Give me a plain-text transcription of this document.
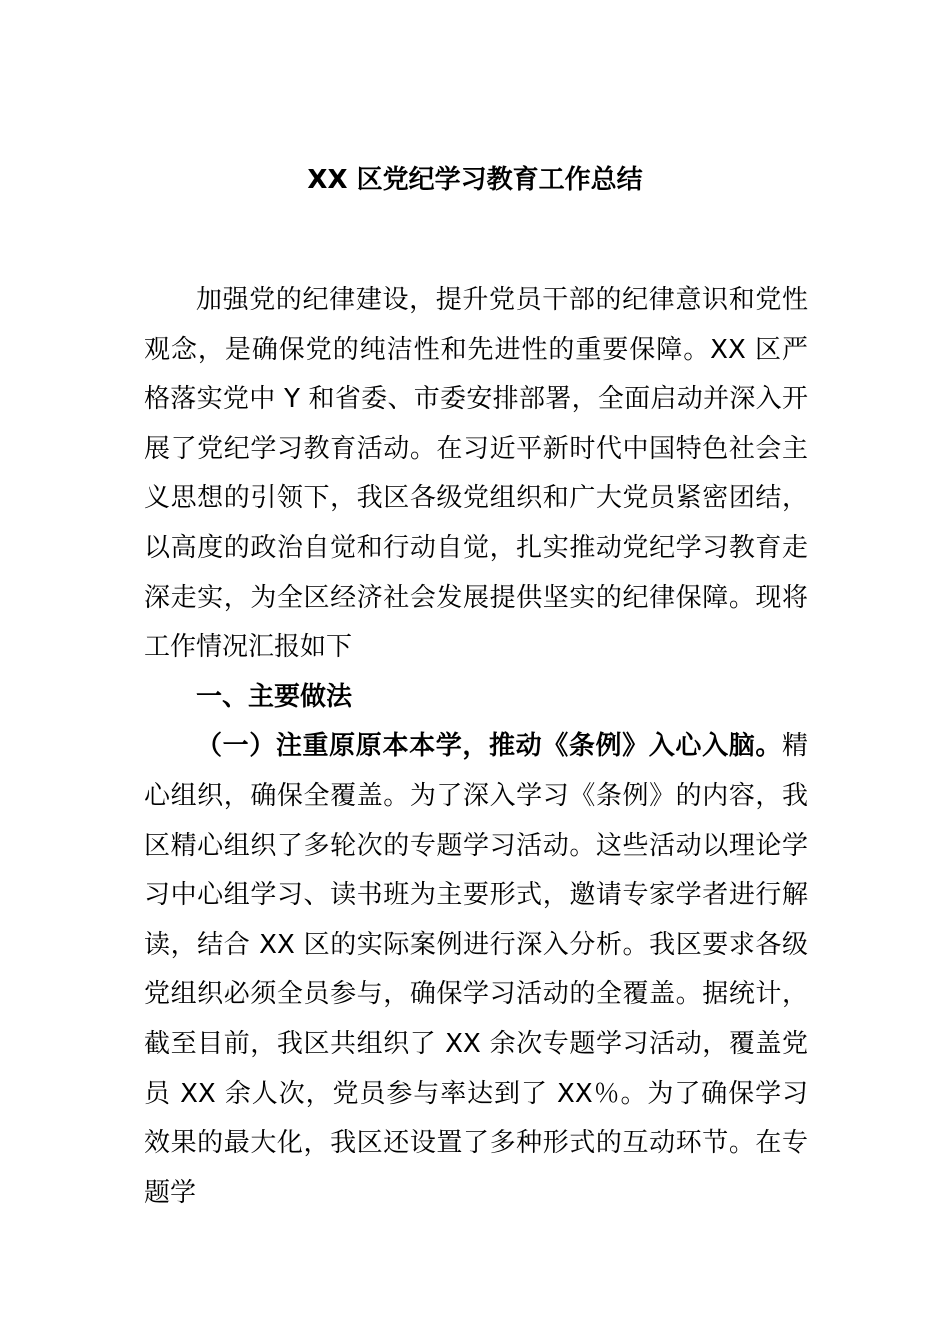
XX 区党纪学习教育工作总结

加强党的纪律建设，提升党员干部的纪律意识和党性观念，是确保党的纯洁性和先进性的重要保障。XX 区严格落实党中 Y 和省委、市委安排部署，全面启动并深入开展了党纪学习教育活动。在习近平新时代中国特色社会主义思想的引领下，我区各级党组织和广大党员紧密团结，以高度的政治自觉和行动自觉，扎实推动党纪学习教育走深走实，为全区经济社会发展提供坚实的纪律保障。现将工作情况汇报如下

一、主要做法

（一）注重原原本本学，推动《条例》入心入脑。精心组织，确保全覆盖。为了深入学习《条例》的内容，我区精心组织了多轮次的专题学习活动。这些活动以理论学习中心组学习、读书班为主要形式，邀请专家学者进行解读，结合 XX 区的实际案例进行深入分析。我区要求各级党组织必须全员参与，确保学习活动的全覆盖。据统计，截至目前，我区共组织了 XX 余次专题学习活动，覆盖党员 XX 余人次，党员参与率达到了 XX％。为了确保学习效果的最大化，我区还设置了多种形式的互动环节。在专题学
